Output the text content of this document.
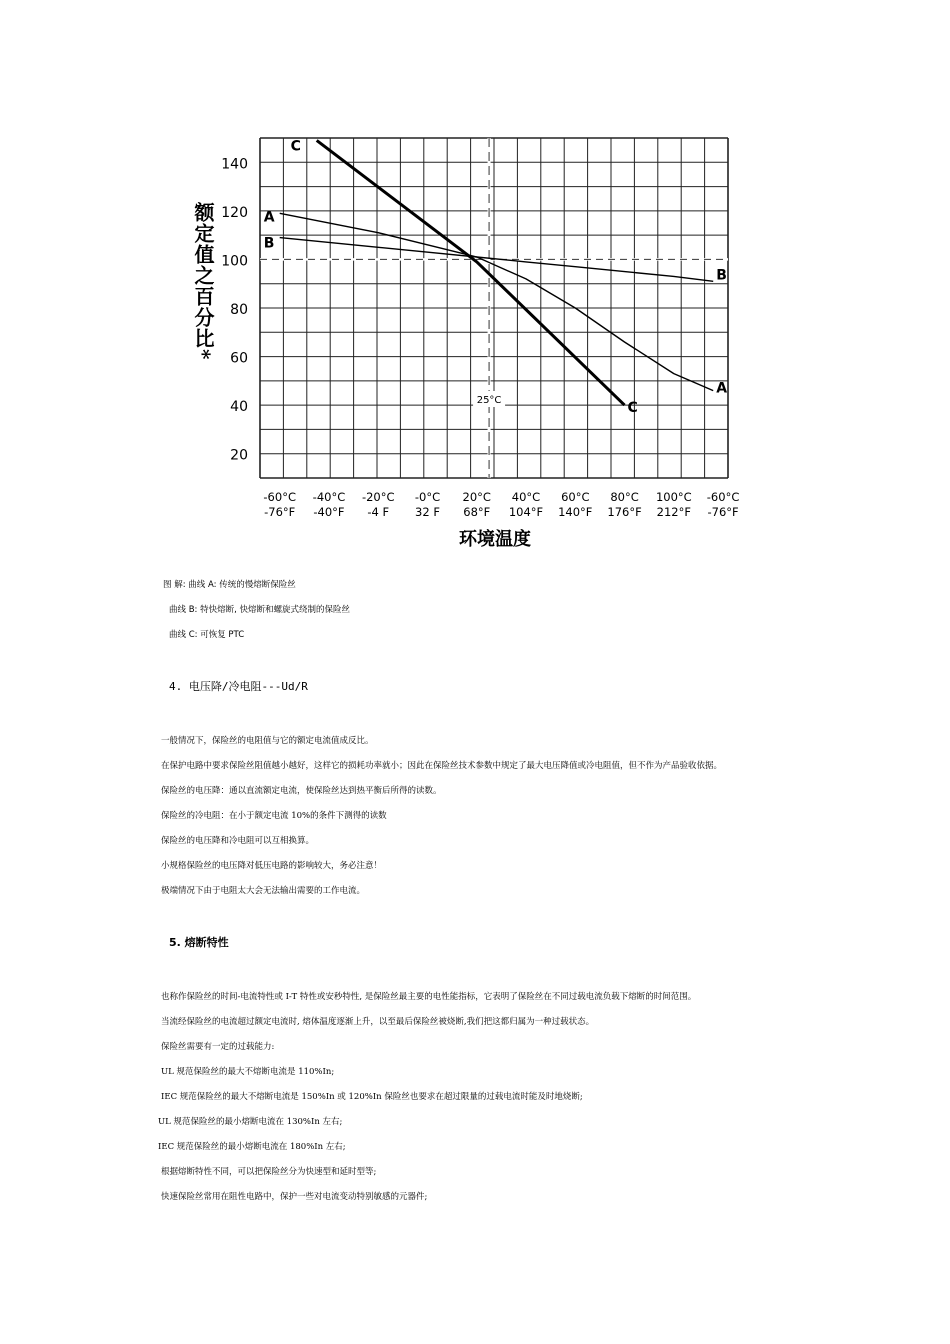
25°C
20
40
60
80
100
120
140
-60°C
-76°F
-40°C
-40°F
-20°C
-4 F
-0°C
32 F
20°C
68°F
40°C
104°F
60°C
140°F
80°C
176°F
100°C
212°F
-60°C
-76°F
A
A
B
B
C
C
额定值之百分比*
环境温度
图 解: 曲线 A: 传统的慢熔断保险丝
曲线 B: 特快熔断, 快熔断和螺旋式绕制的保险丝
曲线 C: 可恢复 PTC
4. 电压降/冷电阻---Ud/R
一般情况下，保险丝的电阻值与它的额定电流值成反比。
在保护电路中要求保险丝阻值越小越好，这样它的损耗功率就小；因此在保险丝技术参数中规定了最大电压降值或冷电阻值，但不作为产品验收依据。
保险丝的电压降：通以直流额定电流，使保险丝达到热平衡后所得的读数。
保险丝的冷电阻：在小于额定电流 10%的条件下测得的读数
保险丝的电压降和冷电阻可以互相换算。
小规格保险丝的电压降对低压电路的影响较大，务必注意！
极端情况下由于电阻太大会无法输出需要的工作电流。
5. 熔断特性
也称作保险丝的时间-电流特性或 I-T 特性或安秒特性, 是保险丝最主要的电性能指标，它表明了保险丝在不同过载电流负载下熔断的时间范围。
当流经保险丝的电流超过额定电流时, 熔体温度逐渐上升，以至最后保险丝被烧断,我们把这都归属为一种过载状态。
保险丝需要有一定的过载能力:
UL 规范保险丝的最大不熔断电流是 110%In;
IEC 规范保险丝的最大不熔断电流是 150%In 或 120%In 保险丝也要求在超过限量的过载电流时能及时地烧断;
UL 规范保险丝的最小熔断电流在 130%In 左右;
IEC 规范保险丝的最小熔断电流在 180%In 左右;
根据熔断特性不同，可以把保险丝分为快速型和延时型等;
快速保险丝常用在阻性电路中，保护一些对电流变动特别敏感的元器件;
